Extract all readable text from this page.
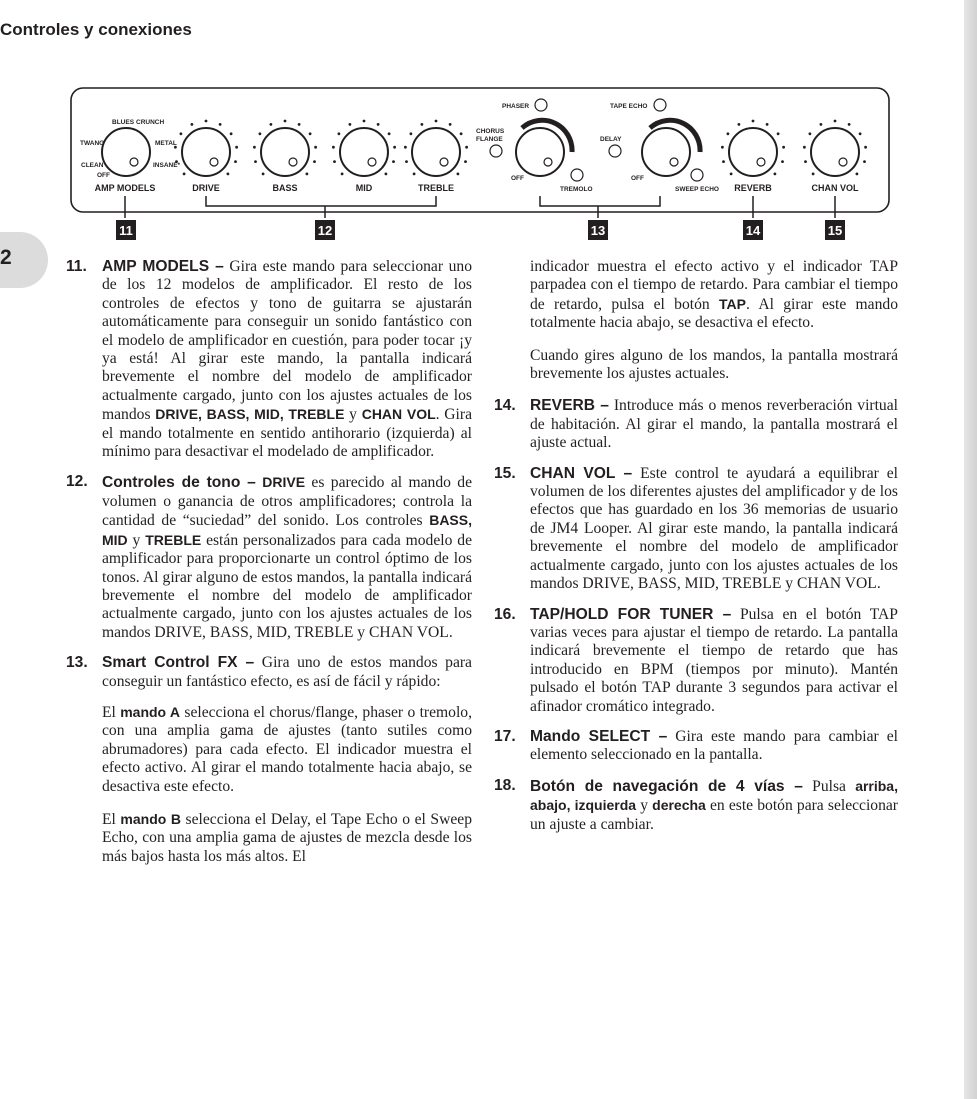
Controles y conexiones
2
BLUES CRUNCH
TWANG	METAL
CLEAN	INSANE*
OFF
PHASER
CHORUS
FLANGE
OFF
TREMOLO
TAPE ECHO
DELAY
OFF
SWEEP ECHO
AMP MODELS	DRIVE	BASS	MID	TREBLE	REVERB	CHAN VOL
11	12	13	14	15
11. AMP MODELS – Gira este mando para seleccionar uno de los 12 modelos de amplificador. El resto de los controles de efectos y tono de guitarra se ajustarán automáticamente para conseguir un sonido fantástico con el modelo de amplificador en cuestión, para poder tocar ¡y ya está! Al girar este mando, la pantalla indicará brevemente el nombre del modelo de amplificador actualmente cargado, junto con los ajustes actuales de los mandos DRIVE, BASS, MID, TREBLE y CHAN VOL. Gira el mando totalmente en sentido antihorario (izquierda) al mínimo para desactivar el modelado de amplificador.
12. Controles de tono – DRIVE es parecido al mando de volumen o ganancia de otros amplificadores; controla la cantidad de “suciedad” del sonido. Los controles BASS, MID y TREBLE están personalizados para cada modelo de amplificador para proporcionarte un control óptimo de los tonos. Al girar alguno de estos mandos, la pantalla indicará brevemente el nombre del modelo de amplificador actualmente cargado, junto con los ajustes actuales de los mandos DRIVE, BASS, MID, TREBLE y CHAN VOL.
13. Smart Control FX – Gira uno de estos mandos para conseguir un fantástico efecto, es así de fácil y rápido:
El mando A selecciona el chorus/flange, phaser o tremolo, con una amplia gama de ajustes (tanto sutiles como abrumadores) para cada efecto. El indicador muestra el efecto activo. Al girar el mando totalmente hacia abajo, se desactiva este efecto.
El mando B selecciona el Delay, el Tape Echo o el Sweep Echo, con una amplia gama de ajustes de mezcla desde los más bajos hasta los más altos. El
indicador muestra el efecto activo y el indicador TAP parpadea con el tiempo de retardo. Para cambiar el tiempo de retardo, pulsa el botón TAP. Al girar este mando totalmente hacia abajo, se desactiva el efecto.
Cuando gires alguno de los mandos, la pantalla mostrará brevemente los ajustes actuales.
14. REVERB – Introduce más o menos reverberación virtual de habitación. Al girar el mando, la pantalla mostrará el ajuste actual.
15. CHAN VOL – Este control te ayudará a equilibrar el volumen de los diferentes ajustes del amplificador y de los efectos que has guardado en los 36 memorias de usuario de JM4 Looper. Al girar este mando, la pantalla indicará brevemente el nombre del modelo de amplificador actualmente cargado, junto con los ajustes actuales de los mandos DRIVE, BASS, MID, TREBLE y CHAN VOL.
16. TAP/HOLD FOR TUNER – Pulsa en el botón TAP varias veces para ajustar el tiempo de retardo. La pantalla indicará brevemente el tiempo de retardo que has introducido en BPM (tiempos por minuto). Mantén pulsado el botón TAP durante 3 segundos para activar el afinador cromático integrado.
17. Mando SELECT – Gira este mando para cambiar el elemento seleccionado en la pantalla.
18. Botón de navegación de 4 vías – Pulsa arriba, abajo, izquierda y derecha en este botón para seleccionar un ajuste a cambiar.
